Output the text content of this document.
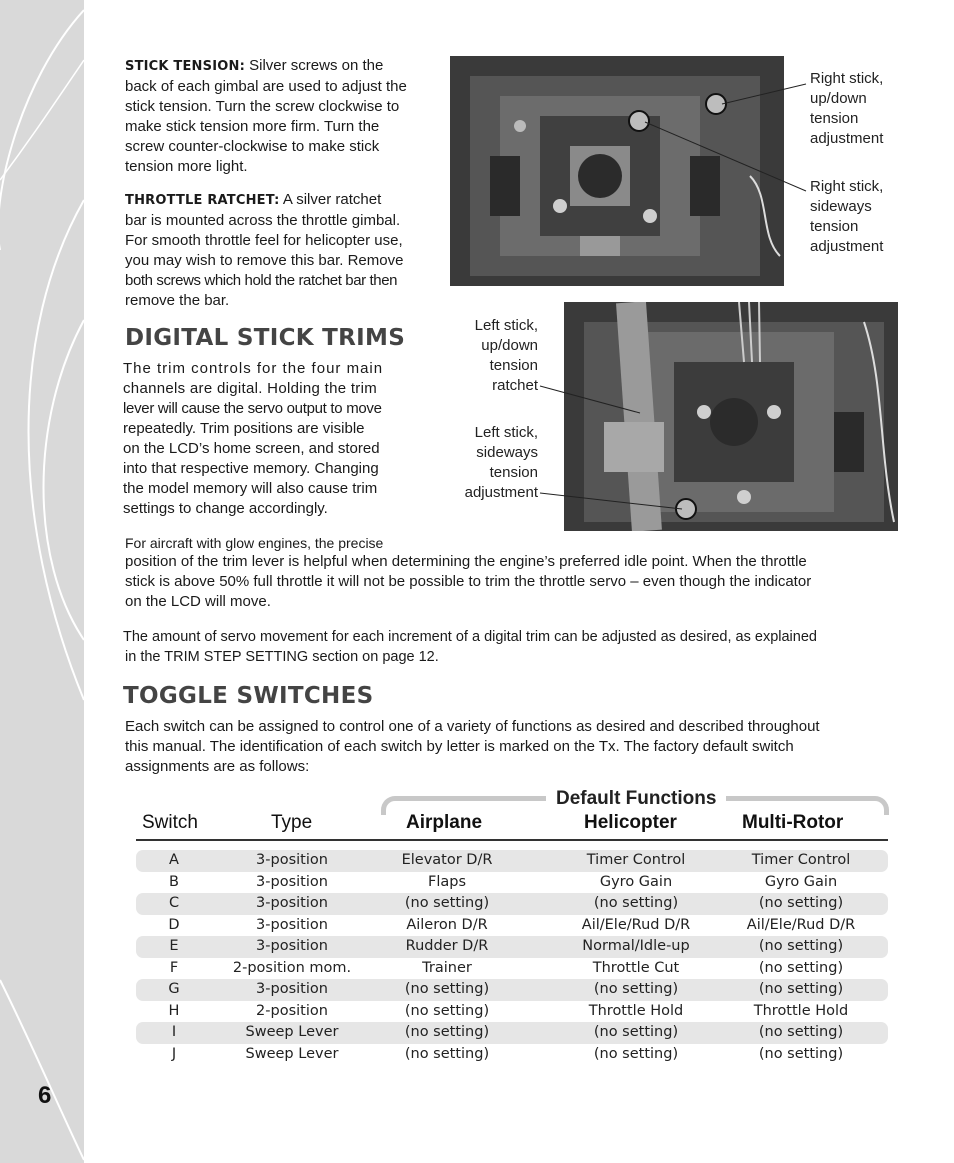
6
STICK TENSION: Silver screws on the
back of each gimbal are used to adjust the
stick tension. Turn the screw clockwise to
make stick tension more firm. Turn the
screw counter-clockwise to make stick
tension more light.
THROTTLE RATCHET: A silver ratchet
bar is mounted across the throttle gimbal.
For smooth throttle feel for helicopter use,
you may wish to remove this bar. Remove
both screws which hold the ratchet bar then
remove the bar.
DIGITAL STICK TRIMS
The trim controls for the four main
channels are digital. Holding the trim
lever will cause the servo output to move
repeatedly. Trim positions are visible
on the LCD’s home screen, and stored
into that respective memory. Changing
the model memory will also cause trim
settings to change accordingly.
For aircraft with glow engines, the precise
position of the trim lever is helpful when determining the engine’s preferred idle point. When the throttle
stick is above 50% full throttle it will not be possible to trim the throttle servo – even though the indicator
on the LCD will move.
The amount of servo movement for each increment of a digital trim can be adjusted as desired, as explained
in the TRIM STEP SETTING section on page 12.
Right stick,
up/down
tension
adjustment
Right stick,
sideways
tension
adjustment
Left stick,
up/down
tension
ratchet
Left stick,
sideways
tension
adjustment
TOGGLE SWITCHES
Each switch can be assigned to control one of a variety of functions as desired and described throughout
this manual. The identification of each switch by letter is marked on the Tx. The factory default switch
assignments are as follows:
Default Functions
Switch	Type	Airplane	Helicopter	Multi-Rotor
A	3-position	Elevator D/R	Timer Control	Timer Control
B	3-position	Flaps	Gyro Gain	Gyro Gain
C	3-position	(no setting)	(no setting)	(no setting)
D	3-position	Aileron D/R	Ail/Ele/Rud D/R	Ail/Ele/Rud D/R
E	3-position	Rudder D/R	Normal/Idle-up	(no setting)
F	2-position mom.	Trainer	Throttle Cut	(no setting)
G	3-position	(no setting)	(no setting)	(no setting)
H	2-position	(no setting)	Throttle Hold	Throttle Hold
I	Sweep Lever	(no setting)	(no setting)	(no setting)
J	Sweep Lever	(no setting)	(no setting)	(no setting)
